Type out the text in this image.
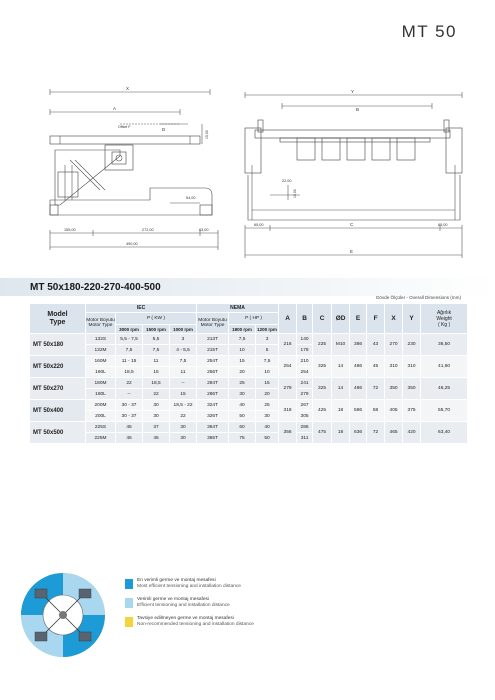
MT 50
X
A
Offset F	D
15,00
54,00
155,00	272,00	63,00
490,00
Y
B
22,00
10,00
65,00	C	65,00
E
MT 50x180-220-270-400-500
Gövde Ölçüler - Overall Dimensions (mm)
Model
Type	IEC				NEMA			A	B	C	ØD	E	F	X	Y	Ağırlık
Weight
( Kg )
	Motor Boyutu
Motor Type	P ( KW )			Motor Boyutu
Motor Type	P ( HP )										
		3000 rpm	1500 rpm	1000 rpm		1800 rpm	1200 rpm									
MT 50x180	132S	5,5 - 7,5	5,5	3	213T	7,5	3	216	140	225	M10	386	43	270	230	36,50
	132M	7,5	7,5	4 - 5,5	215T	10	5		178							
MT 50x220	160M	11 - 15	11	7,5	254T	15	7,5	254	210	325	14	486	45	310	310	41,60
	160L	18,5	15	11	256T	20	10		254							
MT 50x270	180M	22	18,5	--	284T	25	15	279	241	325	14	486	72	350	350	46,25
	180L	--	22	15	286T	30	20		279							
MT 50x400	200M	30 - 37	30	18,5 - 22	324T	40	25	318	267	425	18	586	58	405	375	55,70
	200L	30 - 37	30	22	326T	50	30		305							
MT 50x500	225S	45	37	30	364T	60	40	356	286	475	18	636	72	465	420	63,40
	225M	45	45	30	365T	75	50		311							
En verimli germe ve montaj mesafesi
Most efficient tensioning and installation distance
Verimli germe ve montaj mesafesi
Efficient tensioning and installation distance
Tavsiye edilmeyen germe ve montaj mesafesi
Non-recommended tensioning and installation distance
